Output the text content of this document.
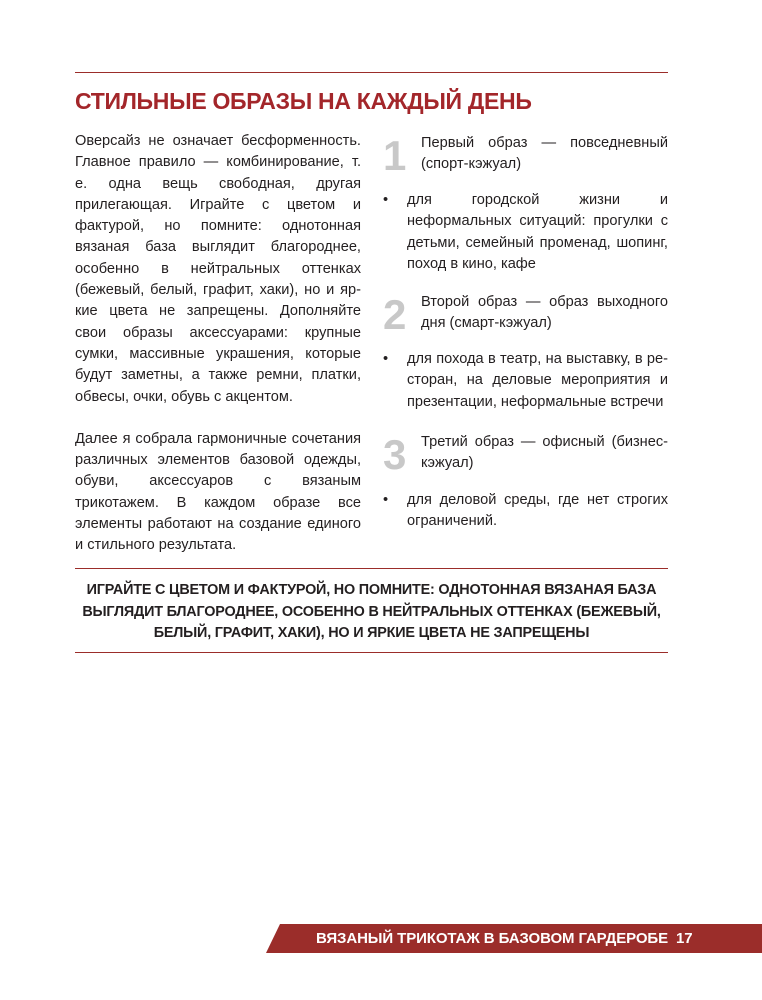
СТИЛЬНЫЕ ОБРАЗЫ НА КАЖДЫЙ ДЕНЬ

Оверсайз не означает бесформенность. Главное правило — комбинирование, т. е. одна вещь свободная, другая прилегающая. Играйте с цветом и фактурой, но помните: однотонная вязаная база выглядит благороднее, особенно в нейтральных оттенках (бежевый, белый, графит, хаки), но и яркие цвета не запрещены. Дополняйте свои образы аксессуарами: крупные сумки, массивные украшения, которые будут заметны, а также ремни, платки, обвесы, очки, обувь с акцентом.

Далее я собрала гармоничные сочетания различных элементов базовой одежды, обуви, аксессуаров с вязаным трикотажем. В каждом образе все элементы работают на создание единого и стильного результата.

1 Первый образ — повседневный (спорт-кэжуал)
•	для городской жизни и неформальных ситуаций: прогулки с детьми, семейный променад, шопинг, поход в кино, кафе
2 Второй образ — образ выходного дня (смарт-кэжуал)
•	для похода в театр, на выставку, в ресторан, на деловые мероприятия и презентации, неформальные встречи
3 Третий образ — офисный (бизнес- кэжуал)
•	для деловой среды, где нет строгих ограничений.
ИГРАЙТЕ С ЦВЕТОМ И ФАКТУРОЙ, НО ПОМНИТЕ: ОДНОТОННАЯ ВЯЗАНАЯ БАЗА ВЫГЛЯДИТ БЛАГОРОДНЕЕ, ОСОБЕННО В НЕЙТРАЛЬНЫХ ОТТЕНКАХ (БЕЖЕВЫЙ, БЕЛЫЙ, ГРАФИТ, ХАКИ), НО И ЯРКИЕ ЦВЕТА НЕ ЗАПРЕЩЕНЫ
ВЯЗАНЫЙ ТРИКОТАЖ В БАЗОВОМ ГАРДЕРОБЕ 17
